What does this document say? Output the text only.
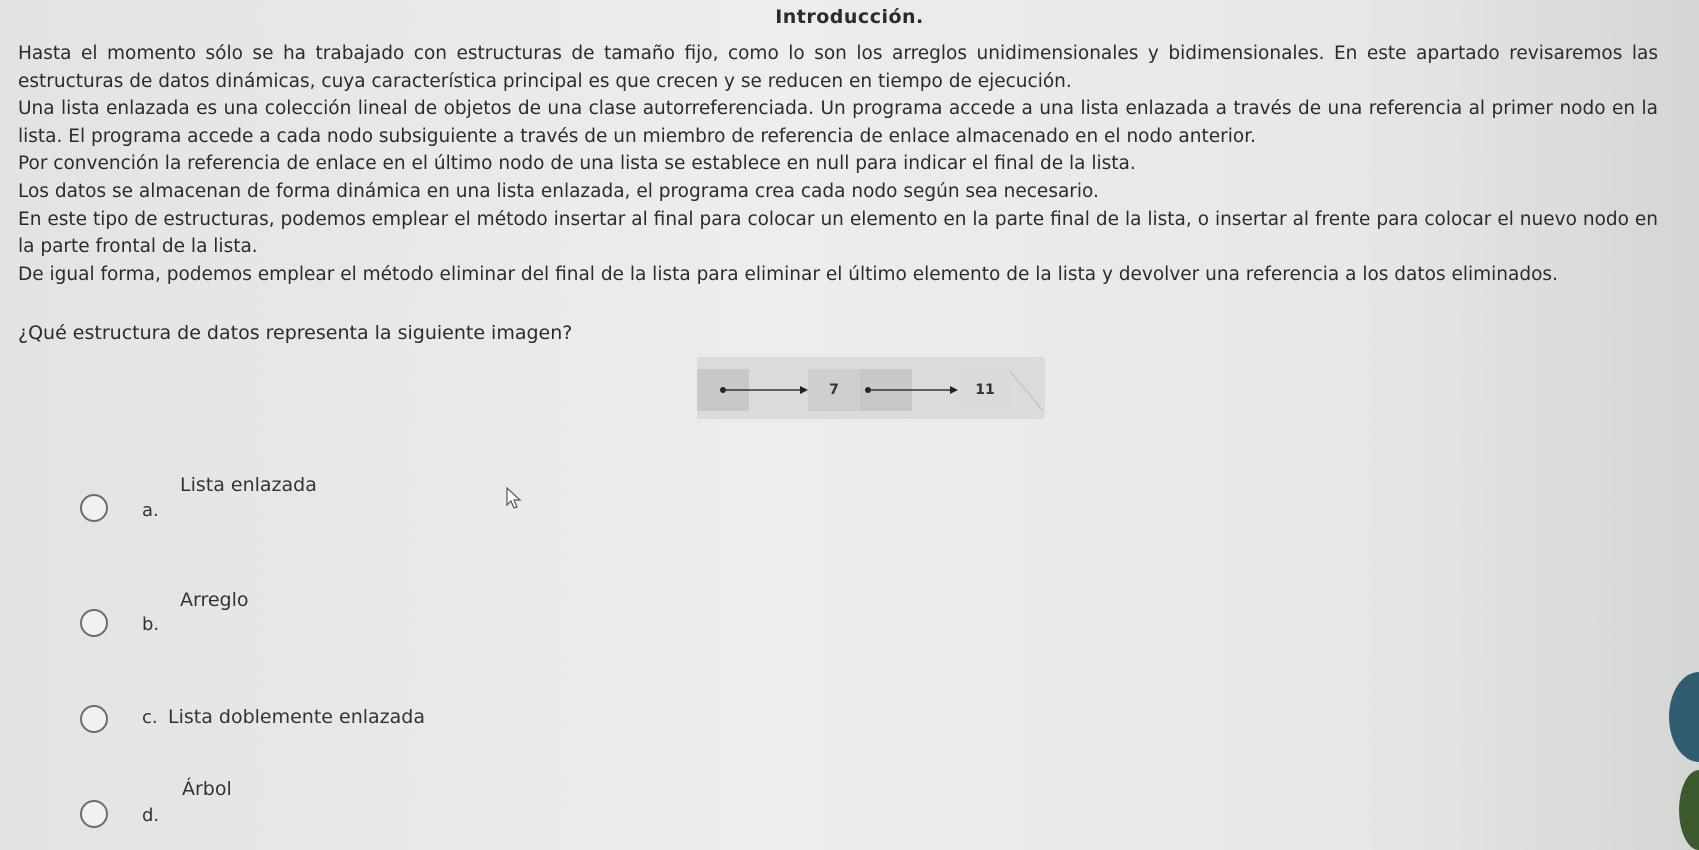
Introducción.

Hasta el momento sólo se ha trabajado con estructuras de tamaño fijo, como lo son los arreglos unidimensionales y bidimensionales. En este apartado revisaremos las estructuras de datos dinámicas, cuya característica principal es que crecen y se reducen en tiempo de ejecución.

Una lista enlazada es una colección lineal de objetos de una clase autorreferenciada. Un programa accede a una lista enlazada a través de una referencia al primer nodo en la lista. El programa accede a cada nodo subsiguiente a través de un miembro de referencia de enlace almacenado en el nodo anterior.

Por convención la referencia de enlace en el último nodo de una lista se establece en null para indicar el final de la lista.

Los datos se almacenan de forma dinámica en una lista enlazada, el programa crea cada nodo según sea necesario.

En este tipo de estructuras, podemos emplear el método insertar al final para colocar un elemento en la parte final de la lista, o insertar al frente para colocar el nuevo nodo en la parte frontal de la lista.

De igual forma, podemos emplear el método eliminar del final de la lista para eliminar el último elemento de la lista y devolver una referencia a los datos eliminados.

¿Qué estructura de datos representa la siguiente imagen?
7	11
a.
Lista enlazada
b.
Arreglo
c. Lista doblemente enlazada
d.
Árbol
